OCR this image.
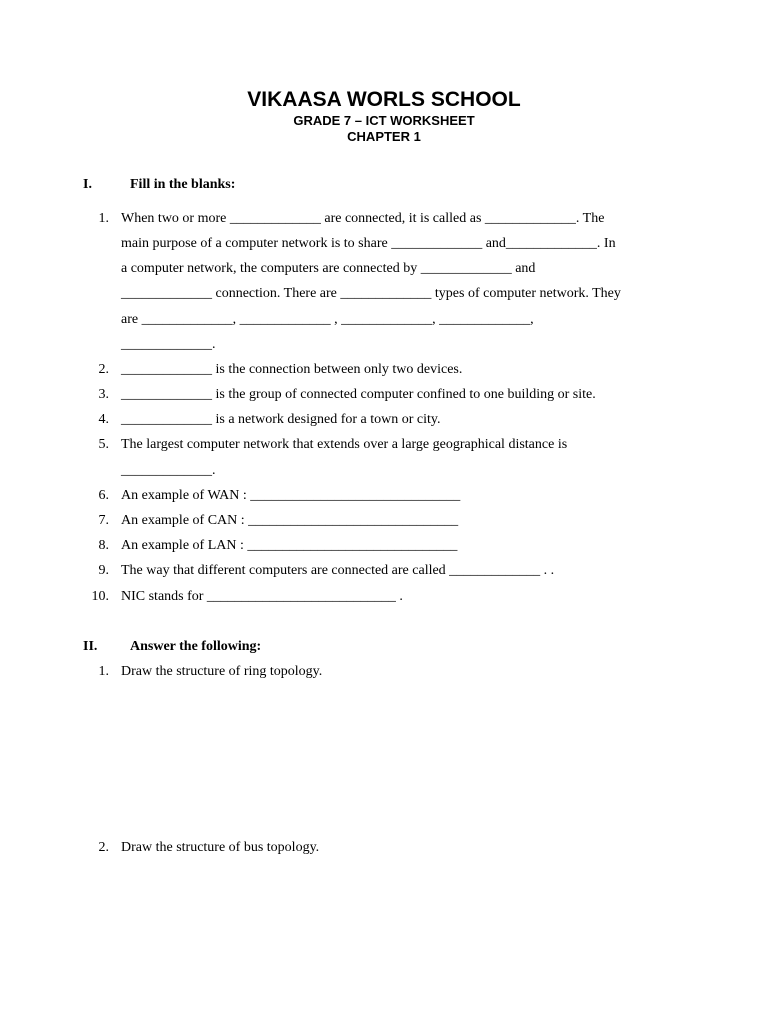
VIKAASA WORLS SCHOOL
GRADE 7 – ICT WORKSHEET
CHAPTER 1
I.	Fill in the blanks:
1. When two or more _____________ are connected, it is called as _____________. The
main purpose of a computer network is to share _____________ and_____________. In
a computer network, the computers are connected by _____________ and
_____________ connection. There are _____________ types of computer network. They
are _____________, _____________ , _____________, _____________,
_____________.
2. _____________ is the connection between only two devices.
3. _____________ is the group of connected computer confined to one building or site.
4. _____________ is a network designed for a town or city.
5. The largest computer network that extends over a large geographical distance is
_____________.
6. An example of WAN : ______________________________
7. An example of CAN : ______________________________
8. An example of LAN : ______________________________
9. The way that different computers are connected are called _____________ . .
10. NIC stands for ___________________________ .
II. Answer the following:
1. Draw the structure of ring topology.
2. Draw the structure of bus topology.
